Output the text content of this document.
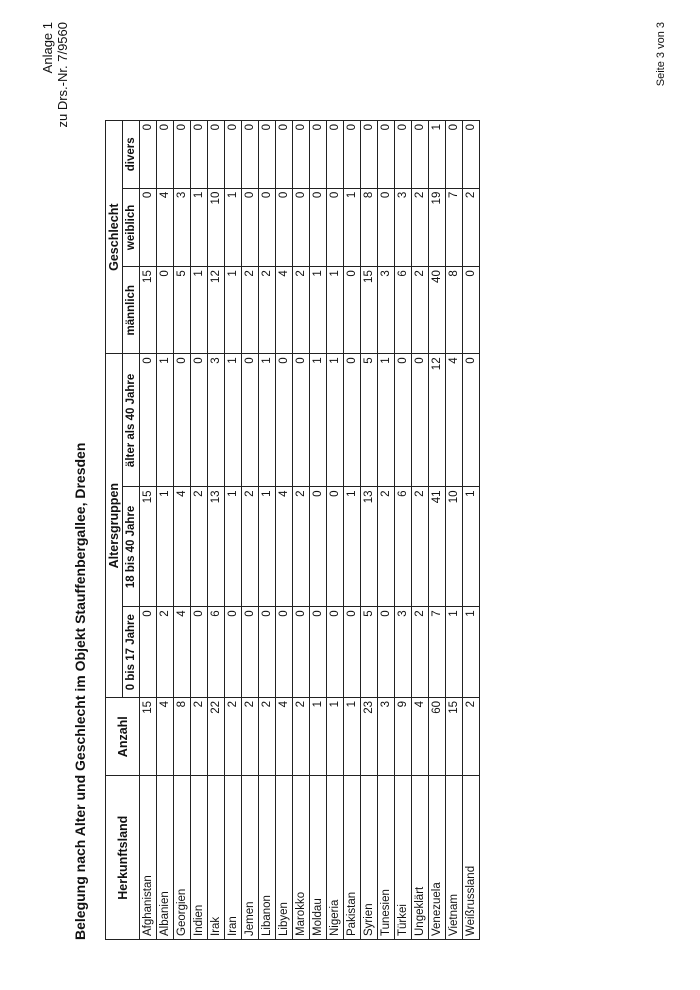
Anlage 1 zu Drs.-Nr. 7/9560
Belegung nach Alter und Geschlecht im Objekt Stauffenbergallee, Dresden Herkunftsland	Anzahl	Altersgruppen			Geschlecht		
		0 bis 17 Jahre	18 bis 40 Jahre	älter als 40 Jahre	männlich	weiblich	divers
Afghanistan	15	0	15	0	15	0	0
Albanien	4	2	1	1	0	4	0
Georgien	8	4	4	0	5	3	0
Indien	2	0	2	0	1	1	0
Irak	22	6	13	3	12	10	0
Iran	2	0	1	1	1	1	0
Jemen	2	0	2	0	2	0	0
Libanon	2	0	1	1	2	0	0
Libyen	4	0	4	0	4	0	0
Marokko	2	0	2	0	2	0	0
Moldau	1	0	0	1	1	0	0
Nigeria	1	0	0	1	1	0	0
Pakistan	1	0	1	0	0	1	0
Syrien	23	5	13	5	15	8	0
Tunesien	3	0	2	1	3	0	0
Türkei	9	3	6	0	6	3	0
Ungeklärt	4	2	2	0	2	2	0
Venezuela	60	7	41	12	40	19	1
Vietnam	15	1	10	4	8	7	0
Weißrussland	2	1	1	0	0	2	0
Seite 3 von 3
